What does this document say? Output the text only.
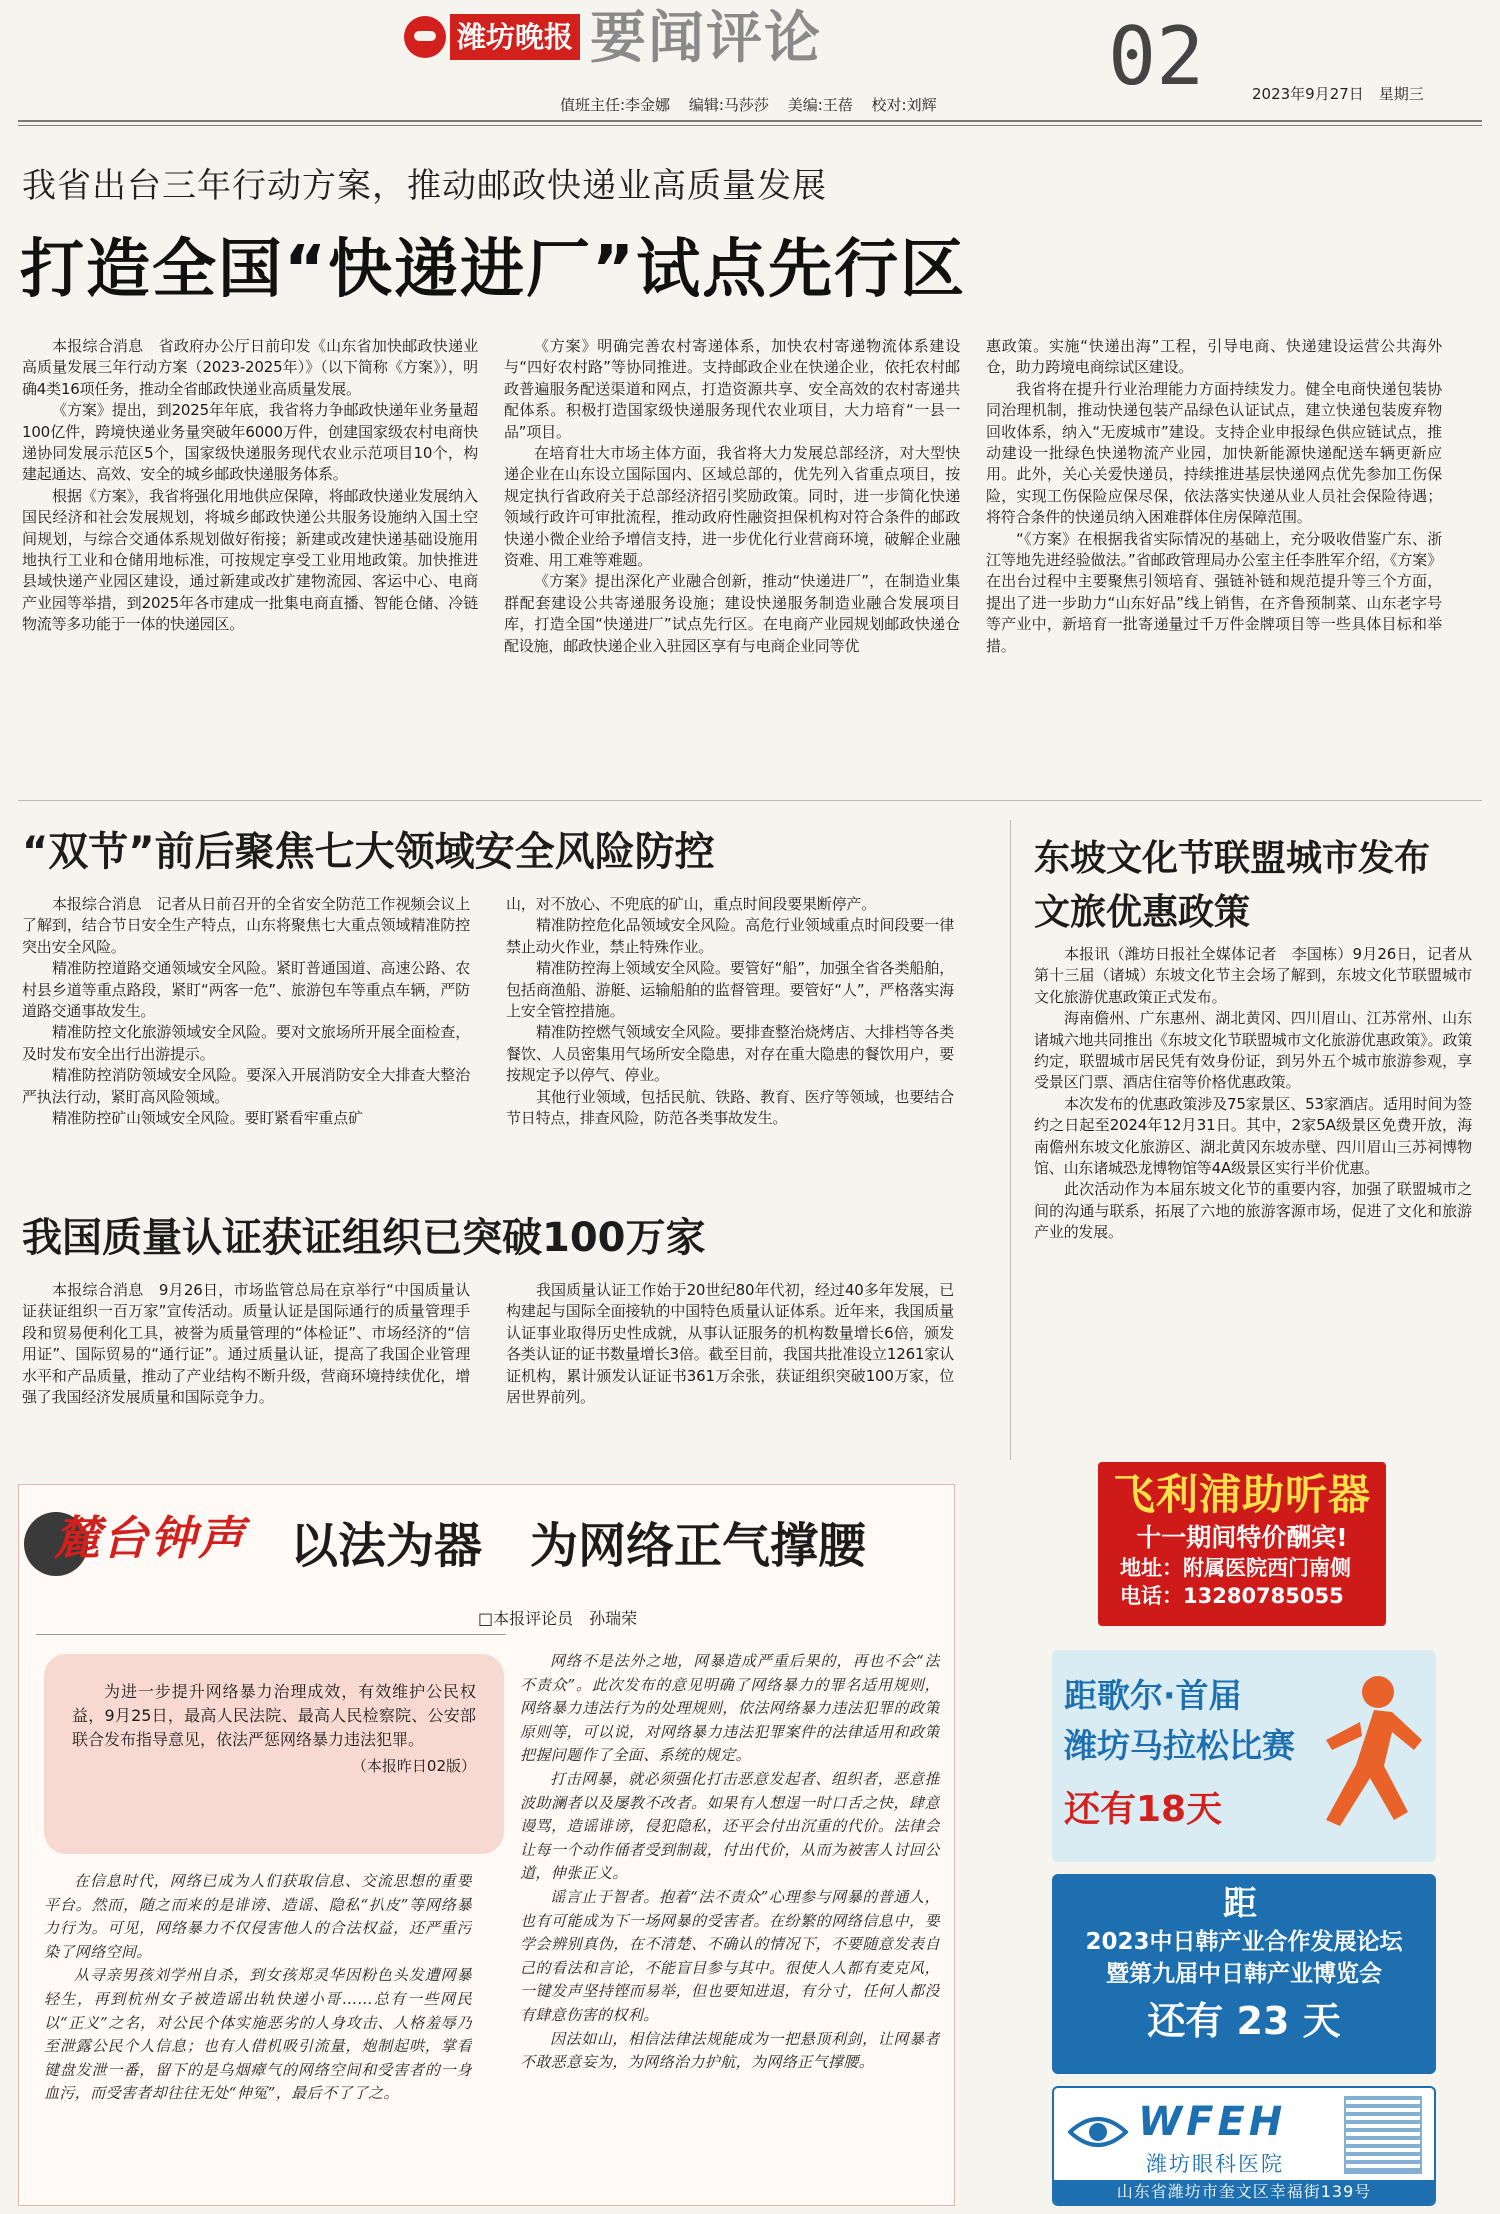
潍坊晚报 要闻评论	02	2023年9月27日　星期三
值班主任:李金娜 编辑:马莎莎 美编:王蓓 校对:刘辉
我省出台三年行动方案，推动邮政快递业高质量发展
打造全国“快递进厂”试点先行区

本报综合消息　省政府办公厅日前印发《山东省加快邮政快递业高质量发展三年行动方案（2023-2025年）》（以下简称《方案》），明确4类16项任务，推动全省邮政快递业高质量发展。

《方案》提出，到2025年年底，我省将力争邮政快递年业务量超100亿件，跨境快递业务量突破年6000万件，创建国家级农村电商快递协同发展示范区5个，国家级快递服务现代农业示范项目10个，构建起通达、高效、安全的城乡邮政快递服务体系。

根据《方案》，我省将强化用地供应保障，将邮政快递业发展纳入国民经济和社会发展规划，将城乡邮政快递公共服务设施纳入国土空间规划，与综合交通体系规划做好衔接；新建或改建快递基础设施用地执行工业和仓储用地标准，可按规定享受工业用地政策。加快推进县域快递产业园区建设，通过新建或改扩建物流园、客运中心、电商产业园等举措，到2025年各市建成一批集电商直播、智能仓储、冷链物流等多功能于一体的快递园区。

《方案》明确完善农村寄递体系，加快农村寄递物流体系建设与“四好农村路”等协同推进。支持邮政企业在快递企业，依托农村邮政普遍服务配送渠道和网点，打造资源共享、安全高效的农村寄递共配体系。积极打造国家级快递服务现代农业项目，大力培育“一县一品”项目。

在培育壮大市场主体方面，我省将大力发展总部经济，对大型快递企业在山东设立国际国内、区域总部的，优先列入省重点项目，按规定执行省政府关于总部经济招引奖励政策。同时，进一步简化快递领域行政许可审批流程，推动政府性融资担保机构对符合条件的邮政快递小微企业给予增信支持，进一步优化行业营商环境，破解企业融资难、用工难等难题。

《方案》提出深化产业融合创新，推动“快递进厂”，在制造业集群配套建设公共寄递服务设施；建设快递服务制造业融合发展项目库，打造全国“快递进厂”试点先行区。在电商产业园规划邮政快递仓配设施，邮政快递企业入驻园区享有与电商企业同等优

惠政策。实施“快递出海”工程，引导电商、快递建设运营公共海外仓，助力跨境电商综试区建设。

我省将在提升行业治理能力方面持续发力。健全电商快递包装协同治理机制，推动快递包装产品绿色认证试点，建立快递包装废弃物回收体系，纳入“无废城市”建设。支持企业申报绿色供应链试点，推动建设一批绿色快递物流产业园，加快新能源快递配送车辆更新应用。此外，关心关爱快递员，持续推进基层快递网点优先参加工伤保险，实现工伤保险应保尽保，依法落实快递从业人员社会保险待遇；将符合条件的快递员纳入困难群体住房保障范围。

“《方案》在根据我省实际情况的基础上，充分吸收借鉴广东、浙江等地先进经验做法。”省邮政管理局办公室主任李胜军介绍，《方案》在出台过程中主要聚焦引领培育、强链补链和规范提升等三个方面，提出了进一步助力“山东好品”线上销售，在齐鲁预制菜、山东老字号等产业中，新培育一批寄递量过千万件金牌项目等一些具体目标和举措。

“双节”前后聚焦七大领域安全风险防控

本报综合消息　记者从日前召开的全省安全防范工作视频会议上了解到，结合节日安全生产特点，山东将聚焦七大重点领域精准防控突出安全风险。

精准防控道路交通领域安全风险。紧盯普通国道、高速公路、农村县乡道等重点路段，紧盯“两客一危”、旅游包车等重点车辆，严防道路交通事故发生。

精准防控文化旅游领域安全风险。要对文旅场所开展全面检查，及时发布安全出行出游提示。

精准防控消防领域安全风险。要深入开展消防安全大排查大整治严执法行动，紧盯高风险领域。

精准防控矿山领域安全风险。要盯紧看牢重点矿

山，对不放心、不兜底的矿山，重点时间段要果断停产。

精准防控危化品领域安全风险。高危行业领域重点时间段要一律禁止动火作业，禁止特殊作业。

精准防控海上领域安全风险。要管好“船”，加强全省各类船舶，包括商渔船、游艇、运输船舶的监督管理。要管好“人”，严格落实海上安全管控措施。

精准防控燃气领域安全风险。要排查整治烧烤店、大排档等各类餐饮、人员密集用气场所安全隐患，对存在重大隐患的餐饮用户，要按规定予以停气、停业。

其他行业领域，包括民航、铁路、教育、医疗等领域，也要结合节日特点，排查风险，防范各类事故发生。

我国质量认证获证组织已突破100万家

本报综合消息　9月26日，市场监管总局在京举行“中国质量认证获证组织一百万家”宣传活动。质量认证是国际通行的质量管理手段和贸易便利化工具，被誉为质量管理的“体检证”、市场经济的“信用证”、国际贸易的“通行证”。通过质量认证，提高了我国企业管理水平和产品质量，推动了产业结构不断升级，营商环境持续优化，增强了我国经济发展质量和国际竞争力。

我国质量认证工作始于20世纪80年代初，经过40多年发展，已构建起与国际全面接轨的中国特色质量认证体系。近年来，我国质量认证事业取得历史性成就，从事认证服务的机构数量增长6倍，颁发各类认证的证书数量增长3倍。截至目前，我国共批准设立1261家认证机构，累计颁发认证证书361万余张，获证组织突破100万家，位居世界前列。

东坡文化节联盟城市发布文旅优惠政策

本报讯（潍坊日报社全媒体记者　李国栋）9月26日，记者从第十三届（诸城）东坡文化节主会场了解到，东坡文化节联盟城市文化旅游优惠政策正式发布。

海南儋州、广东惠州、湖北黄冈、四川眉山、江苏常州、山东诸城六地共同推出《东坡文化节联盟城市文化旅游优惠政策》。政策约定，联盟城市居民凭有效身份证，到另外五个城市旅游参观，享受景区门票、酒店住宿等价格优惠政策。

本次发布的优惠政策涉及75家景区、53家酒店。适用时间为签约之日起至2024年12月31日。其中，2家5A级景区免费开放，海南儋州东坡文化旅游区、湖北黄冈东坡赤壁、四川眉山三苏祠博物馆、山东诸城恐龙博物馆等4A级景区实行半价优惠。

此次活动作为本届东坡文化节的重要内容，加强了联盟城市之间的沟通与联系，拓展了六地的旅游客源市场，促进了文化和旅游产业的发展。

麓台钟声 以法为器　为网络正气撑腰
□本报评论员　孙瑞荣

为进一步提升网络暴力治理成效，有效维护公民权益，9月25日，最高人民法院、最高人民检察院、公安部联合发布指导意见，依法严惩网络暴力违法犯罪。

（本报昨日02版）

在信息时代，网络已成为人们获取信息、交流思想的重要平台。然而，随之而来的是诽谤、造谣、隐私“扒皮”等网络暴力行为。可见，网络暴力不仅侵害他人的合法权益，还严重污染了网络空间。

从寻亲男孩刘学州自杀，到女孩郑灵华因粉色头发遭网暴轻生，再到杭州女子被造谣出轨快递小哥……总有一些网民以“正义”之名，对公民个体实施恶劣的人身攻击、人格羞辱乃至泄露公民个人信息；也有人借机吸引流量，炮制起哄，掌看键盘发泄一番，留下的是乌烟瘴气的网络空间和受害者的一身血污，而受害者却往往无处“伸冤”，最后不了了之。

网络不是法外之地，网暴造成严重后果的，再也不会“法不责众”。此次发布的意见明确了网络暴力的罪名适用规则，网络暴力违法行为的处理规则，依法网络暴力违法犯罪的政策原则等，可以说，对网络暴力违法犯罪案件的法律适用和政策把握问题作了全面、系统的规定。

打击网暴，就必须强化打击恶意发起者、组织者，恶意推波助澜者以及屡教不改者。如果有人想逞一时口舌之快，肆意谩骂，造谣诽谤，侵犯隐私，还平会付出沉重的代价。法律会让每一个动作俑者受到制裁，付出代价，从而为被害人讨回公道，伸张正义。

谣言止于智者。抱着“法不责众”心理参与网暴的普通人，也有可能成为下一场网暴的受害者。在纷繁的网络信息中，要学会辨别真伪，在不清楚、不确认的情况下，不要随意发表自己的看法和言论，不能盲目参与其中。很使人人都有麦克风，一键发声坚持铿而易举，但也要知进退，有分寸，任何人都没有肆意伤害的权利。

因法如山，相信法律法规能成为一把悬顶利剑，让网暴者不敢恶意妄为，为网络治力护航，为网络正气撑腰。

飞利浦助听器
十一期间特价酬宾!
地址：附属医院西门南侧
电话：13280785055
距歌尔·首届
潍坊马拉松比赛
还有18天
距
2023中日韩产业合作发展论坛
暨第九届中日韩产业博览会
还有 23 天
WFEH
潍坊眼科医院
山东省潍坊市奎文区幸福街139号
